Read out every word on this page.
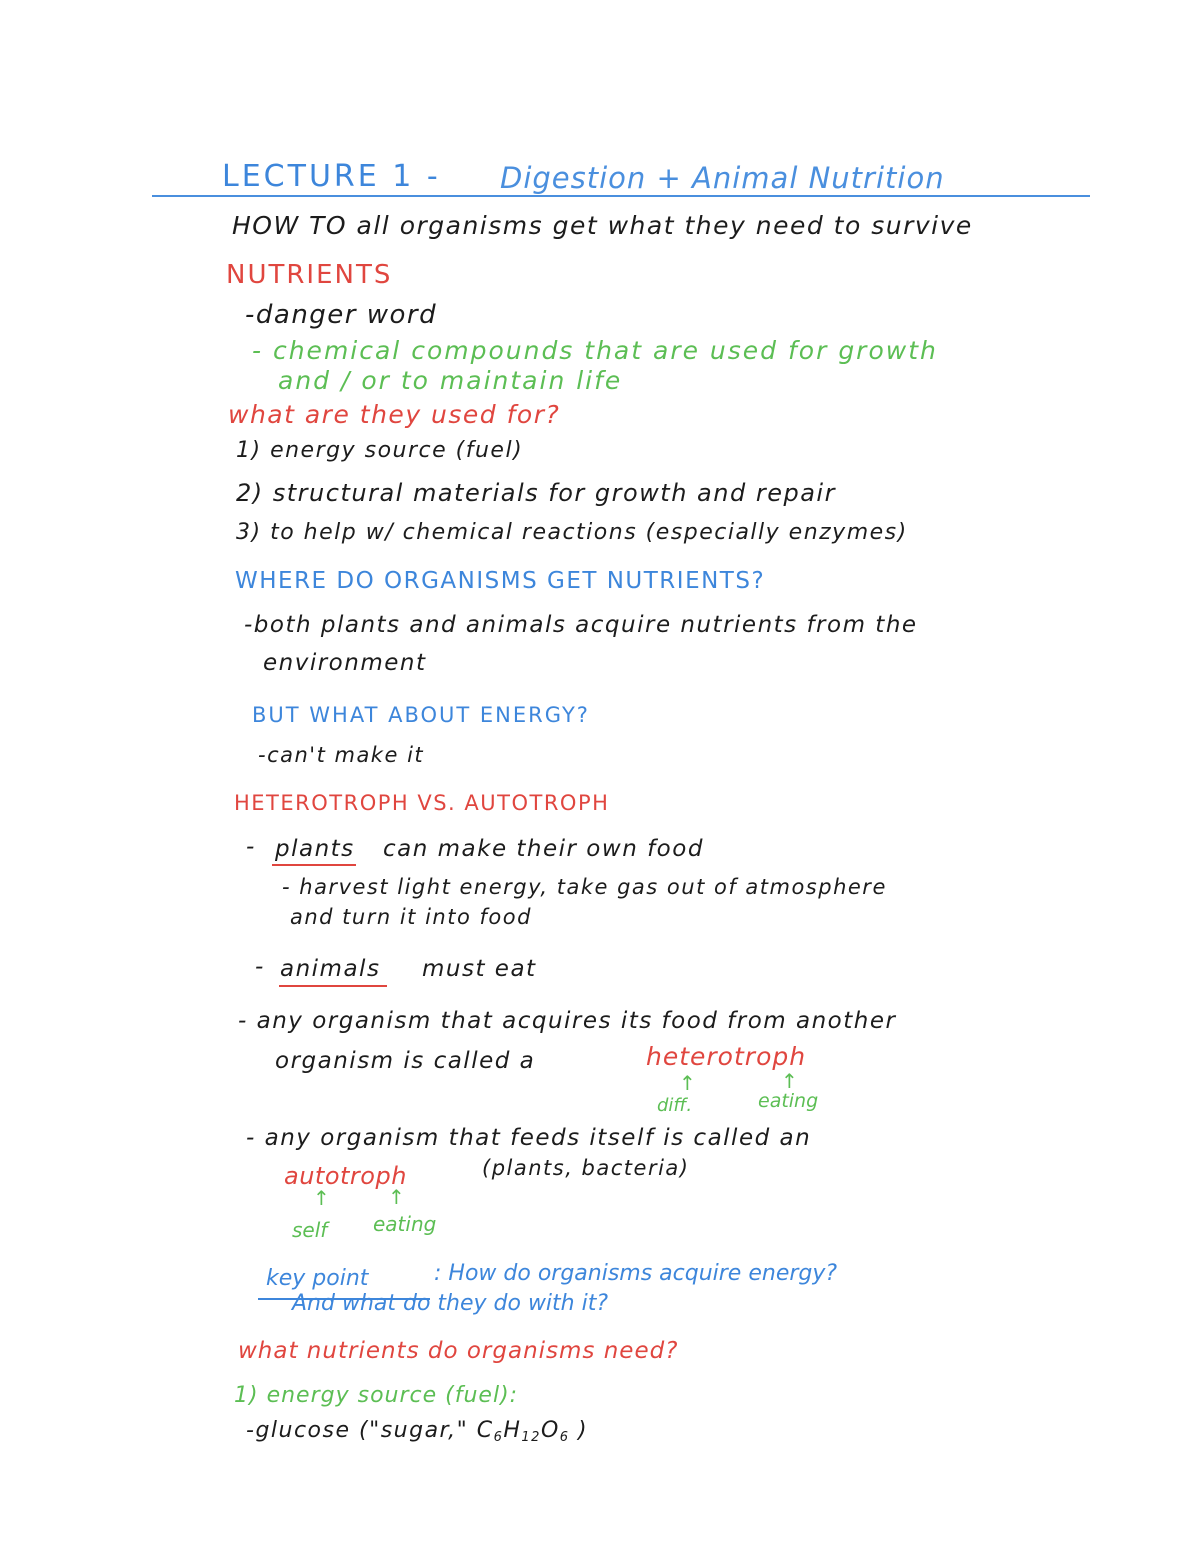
LECTURE 1 - Digestion + Animal Nutrition
HOW TO all organisms get what they need to survive
NUTRIENTS
-danger word
- chemical compounds that are used for growth
and / or to maintain life
what are they used for?
1) energy source (fuel)
2) structural materials for growth and repair
3) to help w/ chemical reactions (especially enzymes)
WHERE DO ORGANISMS GET NUTRIENTS?
-both plants and animals acquire nutrients from the
environment
BUT WHAT ABOUT ENERGY?
-can't make it
HETEROTROPH VS. AUTOTROPH
- plants can make their own food
- harvest light energy, take gas out of atmosphere
and turn it into food
- animals must eat
- any organism that acquires its food from another
organism is called a	heterotroph
↑	↑
diff.	eating
- any organism that feeds itself is called an
autotroph	(plants, bacteria)
↑	↑
self eating
key point	: How do organisms acquire energy?
And what do they do with it?
what nutrients do organisms need?
1) energy source (fuel):
-glucose ("sugar," $C_6H_{12}O_6$ )
